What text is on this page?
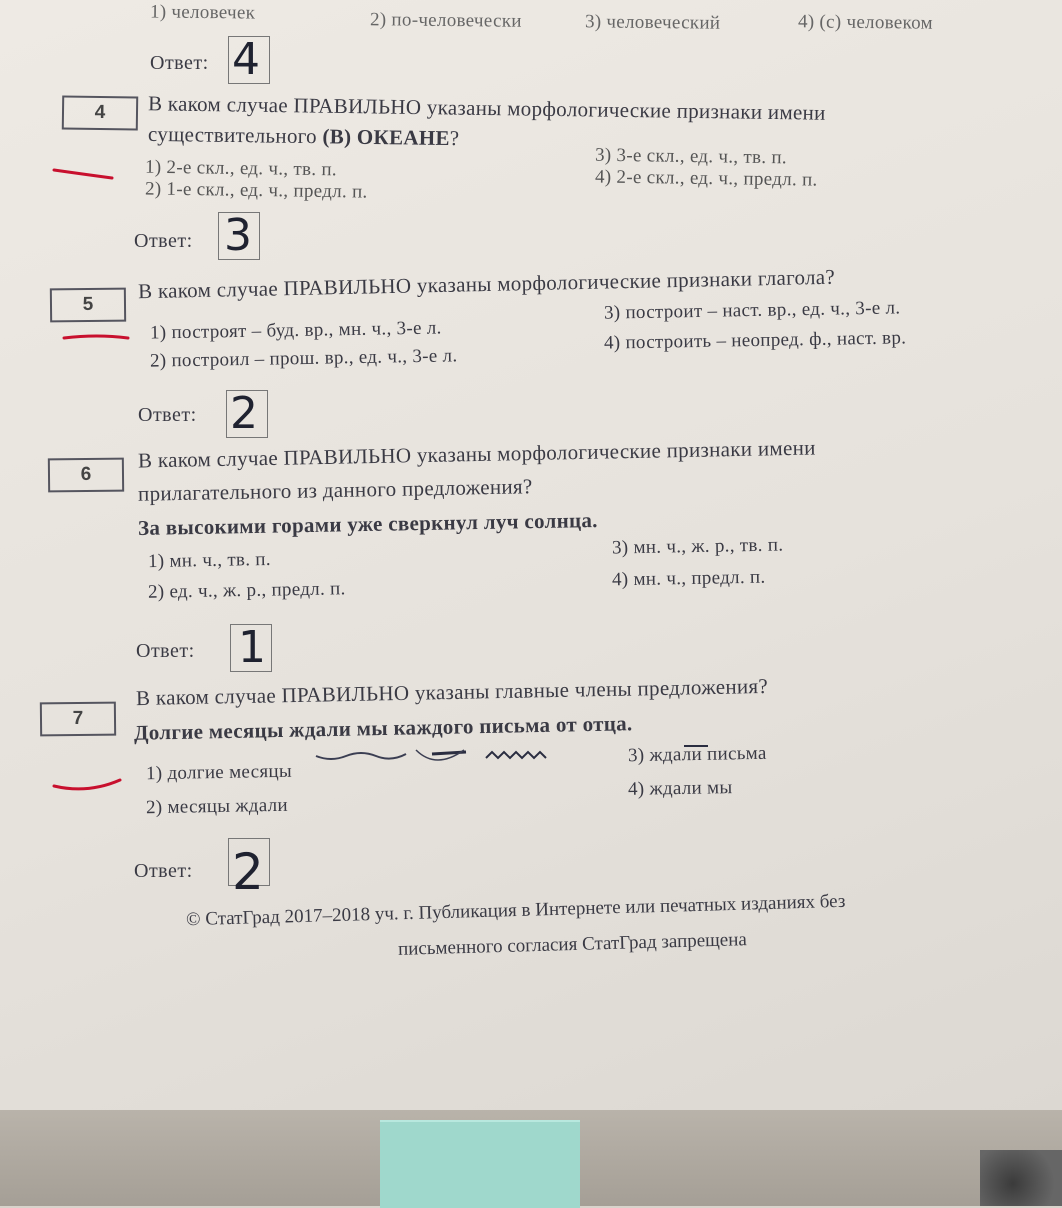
1) человечек	2) по-человечески	3) человеческий	4) (с) человеком
Ответ: 4
4	В каком случае ПРАВИЛЬНО указаны морфологические признаки имени
существительного (В) ОКЕАНЕ?
1) 2-е скл., ед. ч., тв. п.
2) 1-е скл., ед. ч., предл. п.
3) 3-е скл., ед. ч., тв. п.
4) 2-е скл., ед. ч., предл. п.
Ответ: 3
5
В каком случае ПРАВИЛЬНО указаны морфологические признаки глагола?
1) построят – буд. вр., мн. ч., 3-е л.
2) построил – прош. вр., ед. ч., 3-е л.
3) построит – наст. вр., ед. ч., 3-е л.
4) построить – неопред. ф., наст. вр.
Ответ: 2
6
В каком случае ПРАВИЛЬНО указаны морфологические признаки имени
прилагательного из данного предложения?
За высокими горами уже сверкнул луч солнца.
1) мн. ч., тв. п.
2) ед. ч., ж. р., предл. п.
3) мн. ч., ж. р., тв. п.
4) мн. ч., предл. п.
Ответ: 1
7
В каком случае ПРАВИЛЬНО указаны главные члены предложения?
Долгие месяцы ждали мы каждого письма от отца.
1) долгие месяцы
2) месяцы ждали
3) ждали письма
4) ждали мы
Ответ: 2
© СтатГрад 2017–2018 уч. г. Публикация в Интернете или печатных изданиях без
письменного согласия СтатГрад запрещена
